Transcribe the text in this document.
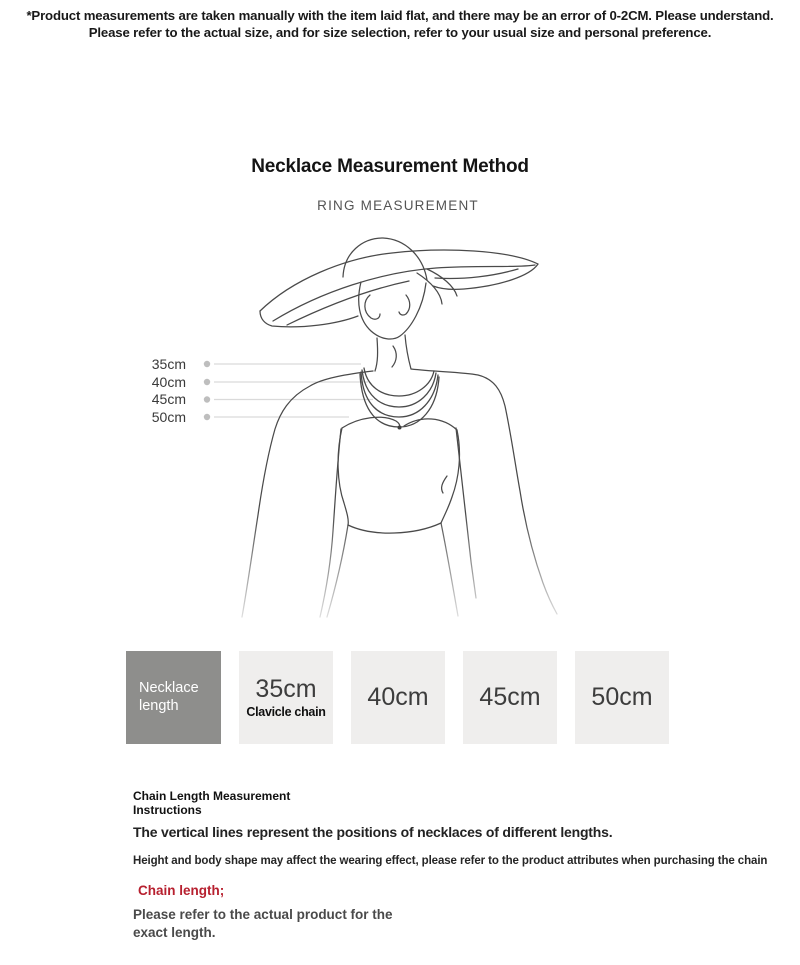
*Product measurements are taken manually with the item laid flat, and there may be an error of 0-2CM. Please understand. Please refer to the actual size, and for size selection, refer to your usual size and personal preference.
Necklace Measurement Method
RING MEASUREMENT
35cm
40cm
45cm
50cm
Necklace
length
35cm
Clavicle chain
40cm 45cm 50cm
Chain Length Measurement
Instructions
The vertical lines represent the positions of necklaces of different lengths.
Height and body shape may affect the wearing effect, please refer to the product attributes when purchasing the chain
Chain length;
Please refer to the actual product for the exact length.
